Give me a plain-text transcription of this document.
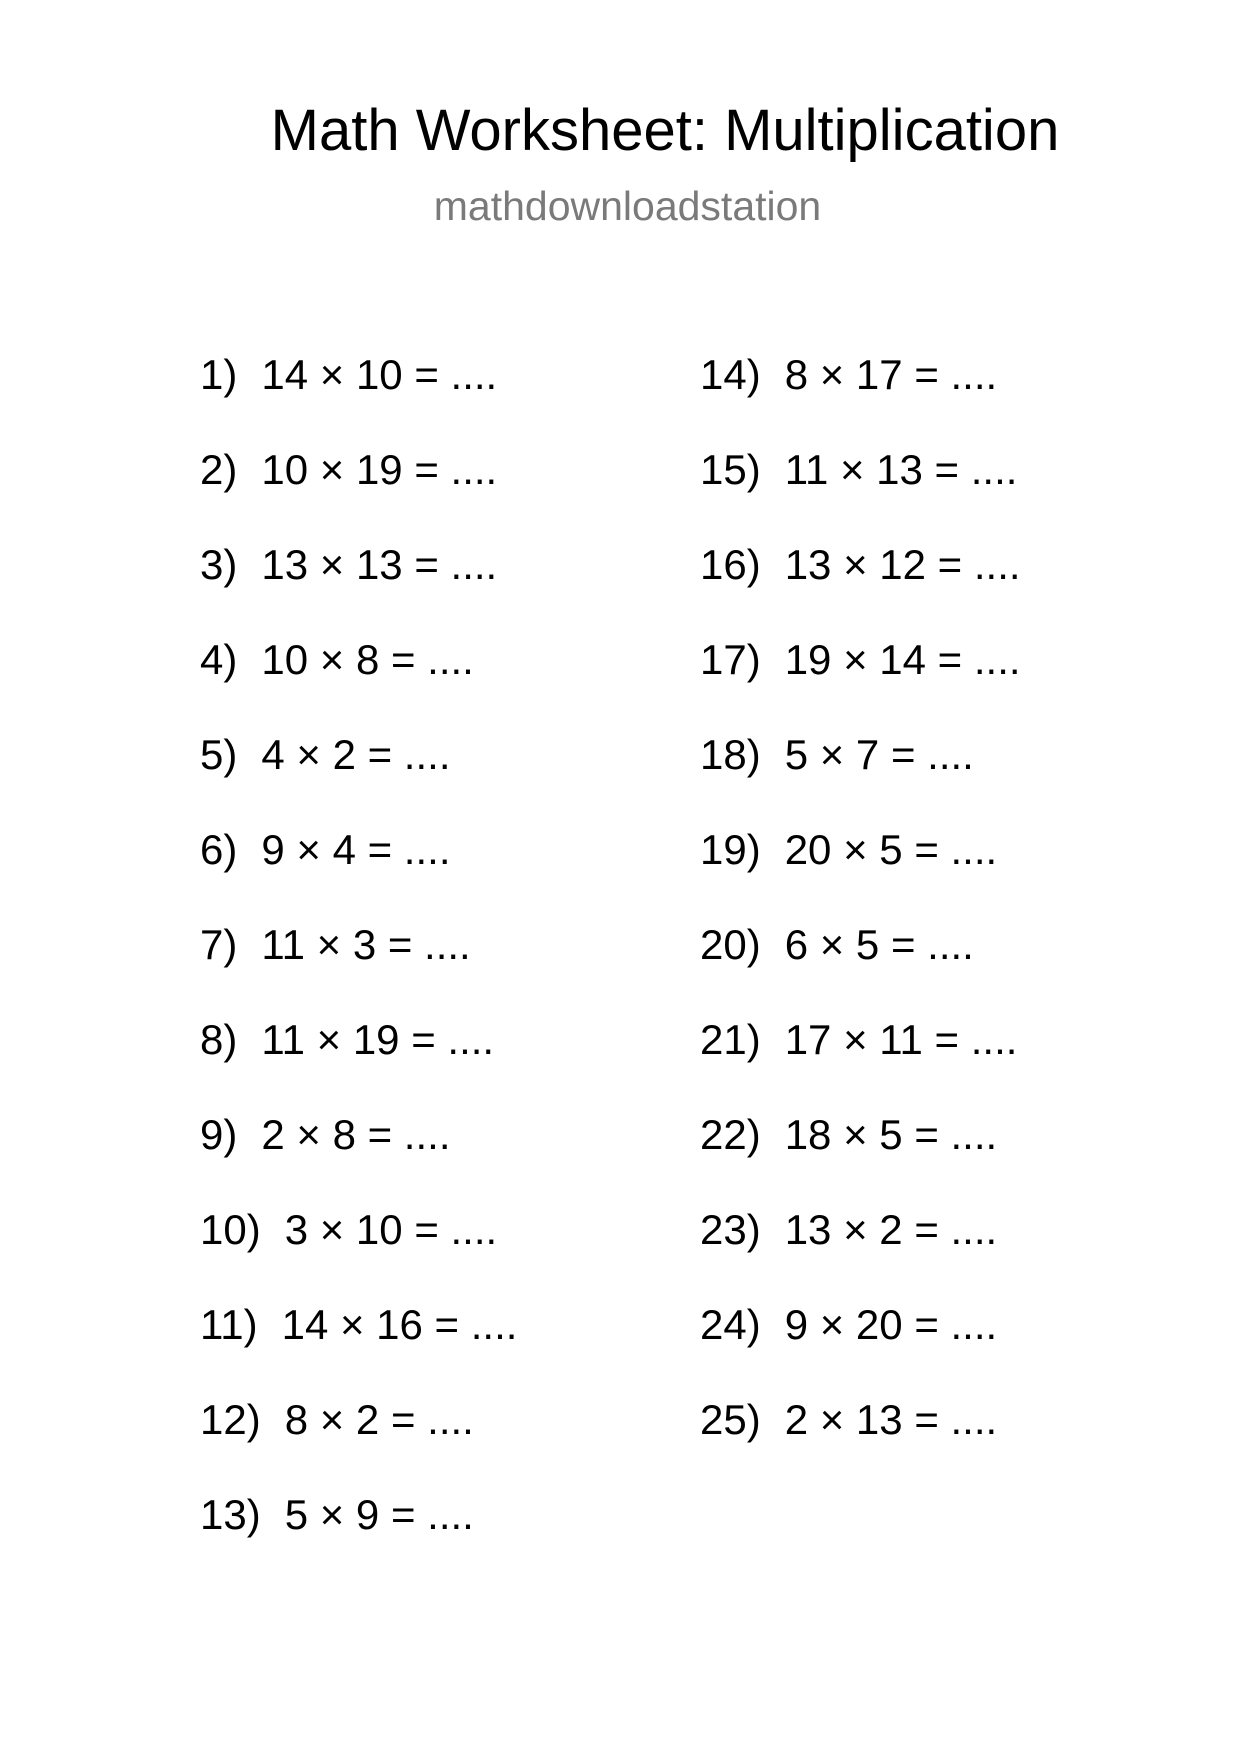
Math Worksheet: Multiplication
mathdownloadstation
1) 14 × 10 = ....
2) 10 × 19 = ....
3) 13 × 13 = ....
4) 10 × 8 = ....
5) 4 × 2 = ....
6) 9 × 4 = ....
7) 11 × 3 = ....
8) 11 × 19 = ....
9) 2 × 8 = ....
10) 3 × 10 = ....
11) 14 × 16 = ....
12) 8 × 2 = ....
13) 5 × 9 = ....
14) 8 × 17 = ....
15) 11 × 13 = ....
16) 13 × 12 = ....
17) 19 × 14 = ....
18) 5 × 7 = ....
19) 20 × 5 = ....
20) 6 × 5 = ....
21) 17 × 11 = ....
22) 18 × 5 = ....
23) 13 × 2 = ....
24) 9 × 20 = ....
25) 2 × 13 = ....
